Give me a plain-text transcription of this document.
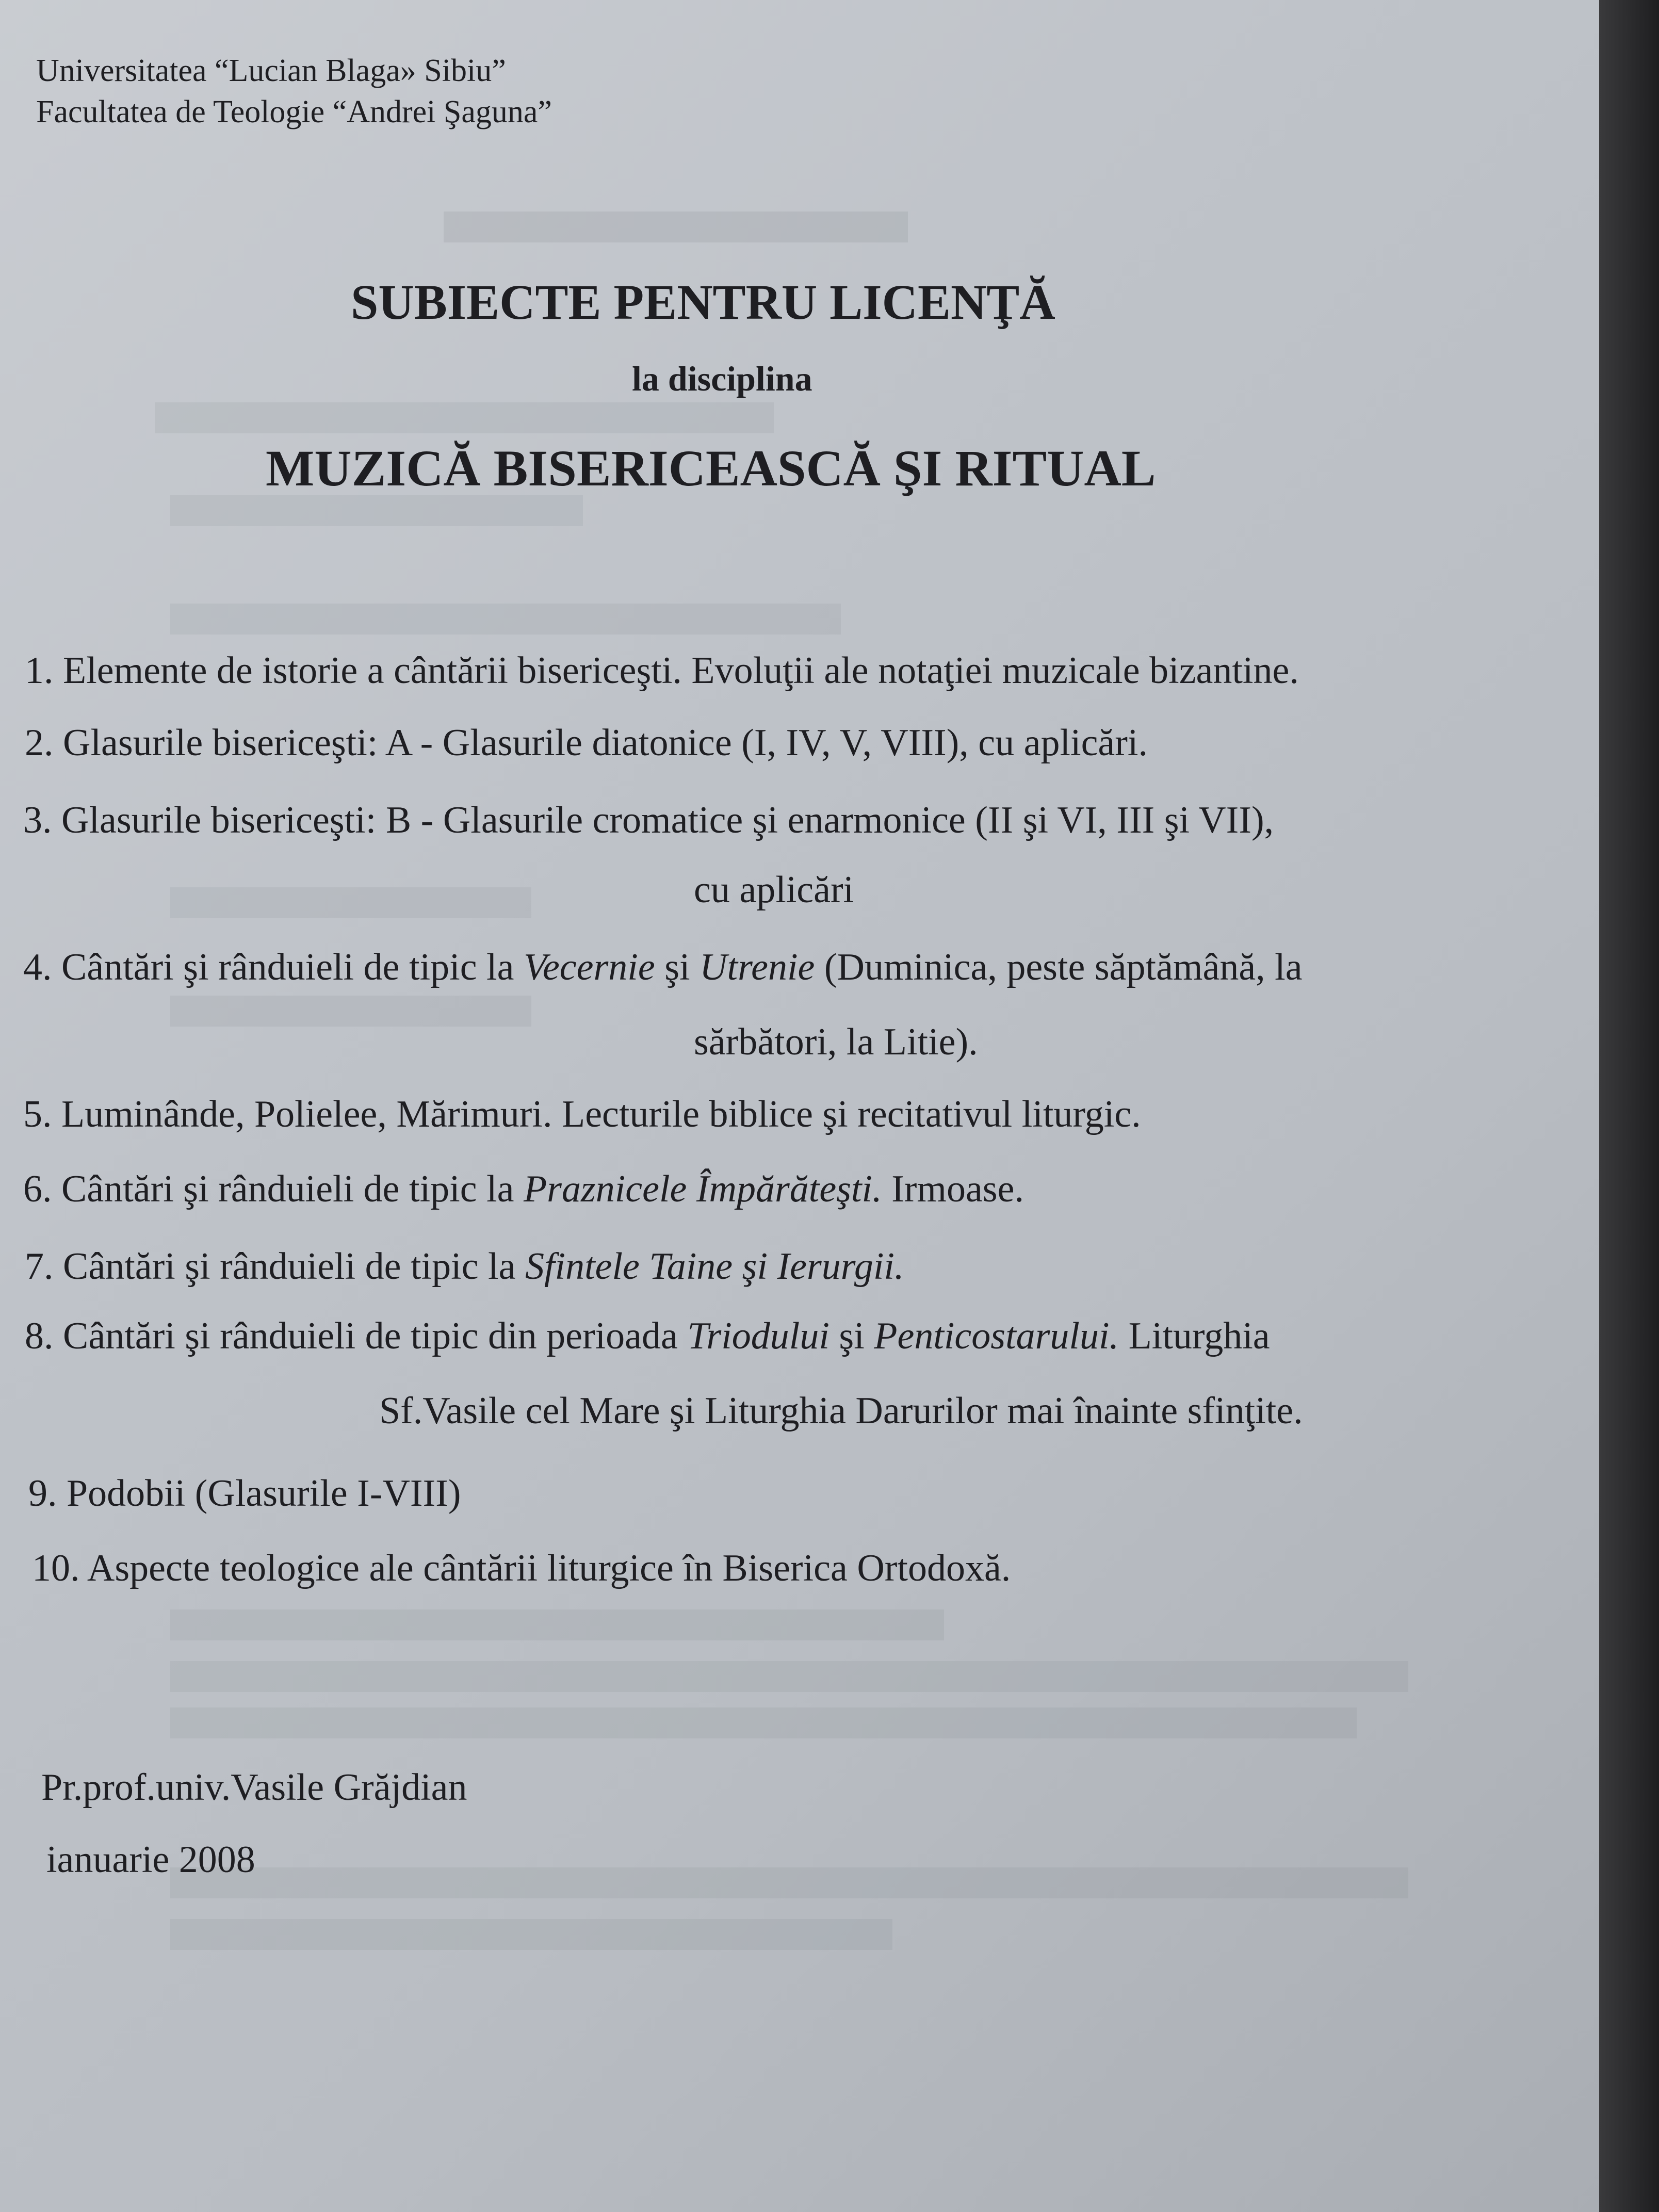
Universitatea “Lucian Blaga» Sibiu”
Facultatea de Teologie “Andrei Şaguna”
SUBIECTE PENTRU LICENŢĂ
la disciplina
MUZICĂ BISERICEASCĂ ŞI RITUAL
1. Elemente de istorie a cântării bisericeşti. Evoluţii ale notaţiei muzicale bizantine.
2. Glasurile bisericeşti: A - Glasurile diatonice (I, IV, V, VIII), cu aplicări.
3. Glasurile bisericeşti: B - Glasurile cromatice şi enarmonice (II şi VI, III şi VII),
cu aplicări
4. Cântări şi rânduieli de tipic la Vecernie şi Utrenie (Duminica, peste săptămână, la
sărbători, la Litie).
5. Luminânde, Polielee, Mărimuri. Lecturile biblice şi recitativul liturgic.
6. Cântări şi rânduieli de tipic la Praznicele Împărăteşti. Irmoase.
7. Cântări şi rânduieli de tipic la Sfintele Taine şi Ierurgii.
8. Cântări şi rânduieli de tipic din perioada Triodului şi Penticostarului. Liturghia
Sf.Vasile cel Mare şi Liturghia Darurilor mai înainte sfinţite.
9. Podobii (Glasurile I-VIII)
10. Aspecte teologice ale cântării liturgice în Biserica Ortodoxă.
Pr.prof.univ.Vasile Grăjdian
ianuarie 2008
